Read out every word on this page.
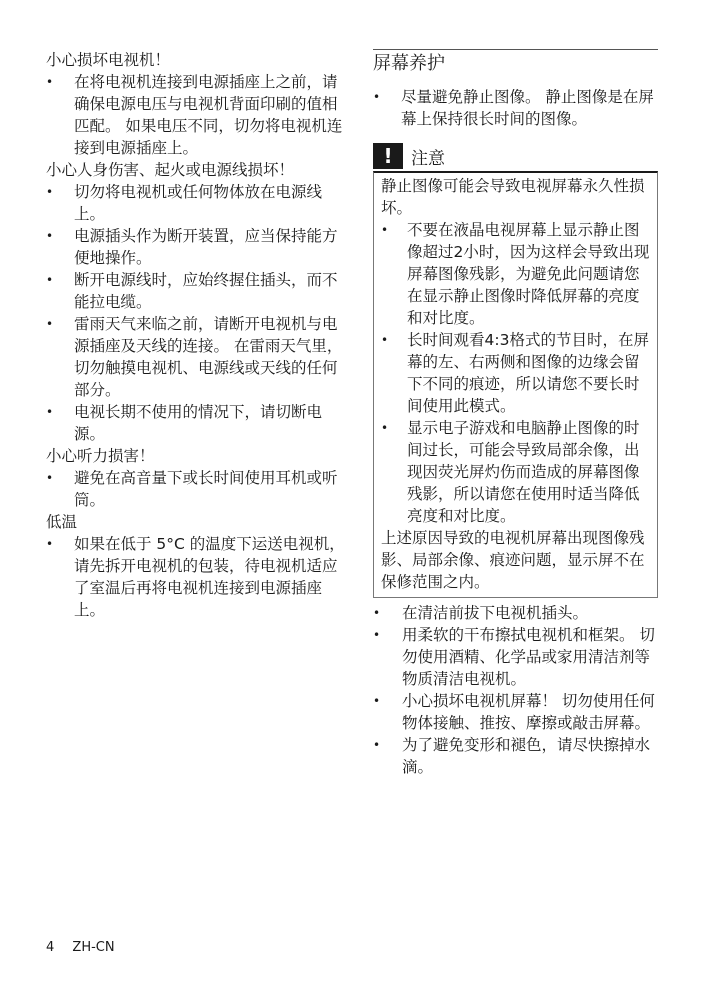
小心损坏电视机！

•	在将电视机连接到电源插座上之前，请确保电源电压与电视机背面印刷的值相匹配。 如果电压不同，切勿将电视机连接到电源插座上。

小心人身伤害、起火或电源线损坏！

•	切勿将电视机或任何物体放在电源线上。
•	电源插头作为断开装置，应当保持能方便地操作。
•	断开电源线时，应始终握住插头，而不能拉电缆。
•	雷雨天气来临之前，请断开电视机与电源插座及天线的连接。 在雷雨天气里，切勿触摸电视机、电源线或天线的任何部分。
•	电视长期不使用的情况下，请切断电源。

小心听力损害！

•	避免在高音量下或长时间使用耳机或听筒。

低温

•	如果在低于 5°C 的温度下运送电视机，请先拆开电视机的包装，待电视机适应了室温后再将电视机连接到电源插座上。
屏幕养护
•	尽量避免静止图像。 静止图像是在屏幕上保持很长时间的图像。
!	注意

静止图像可能会导致电视屏幕永久性损坏。

•	不要在液晶电视屏幕上显示静止图像超过2小时，因为这样会导致出现屏幕图像残影，为避免此问题请您在显示静止图像时降低屏幕的亮度和对比度。
•	长时间观看4:3格式的节目时，在屏幕的左、右两侧和图像的边缘会留下不同的痕迹，所以请您不要长时间使用此模式。
•	显示电子游戏和电脑静止图像的时间过长，可能会导致局部余像，出现因荧光屏灼伤而造成的屏幕图像残影，所以请您在使用时适当降低亮度和对比度。

上述原因导致的电视机屏幕出现图像残影、局部余像、痕迹问题，显示屏不在保修范围之内。

•	在清洁前拔下电视机插头。
•	用柔软的干布擦拭电视机和框架。 切勿使用酒精、化学品或家用清洁剂等物质清洁电视机。
•	小心损坏电视机屏幕！ 切勿使用任何物体接触、推按、摩擦或敲击屏幕。
•	为了避免变形和褪色，请尽快擦掉水滴。
4 ZH-CN
